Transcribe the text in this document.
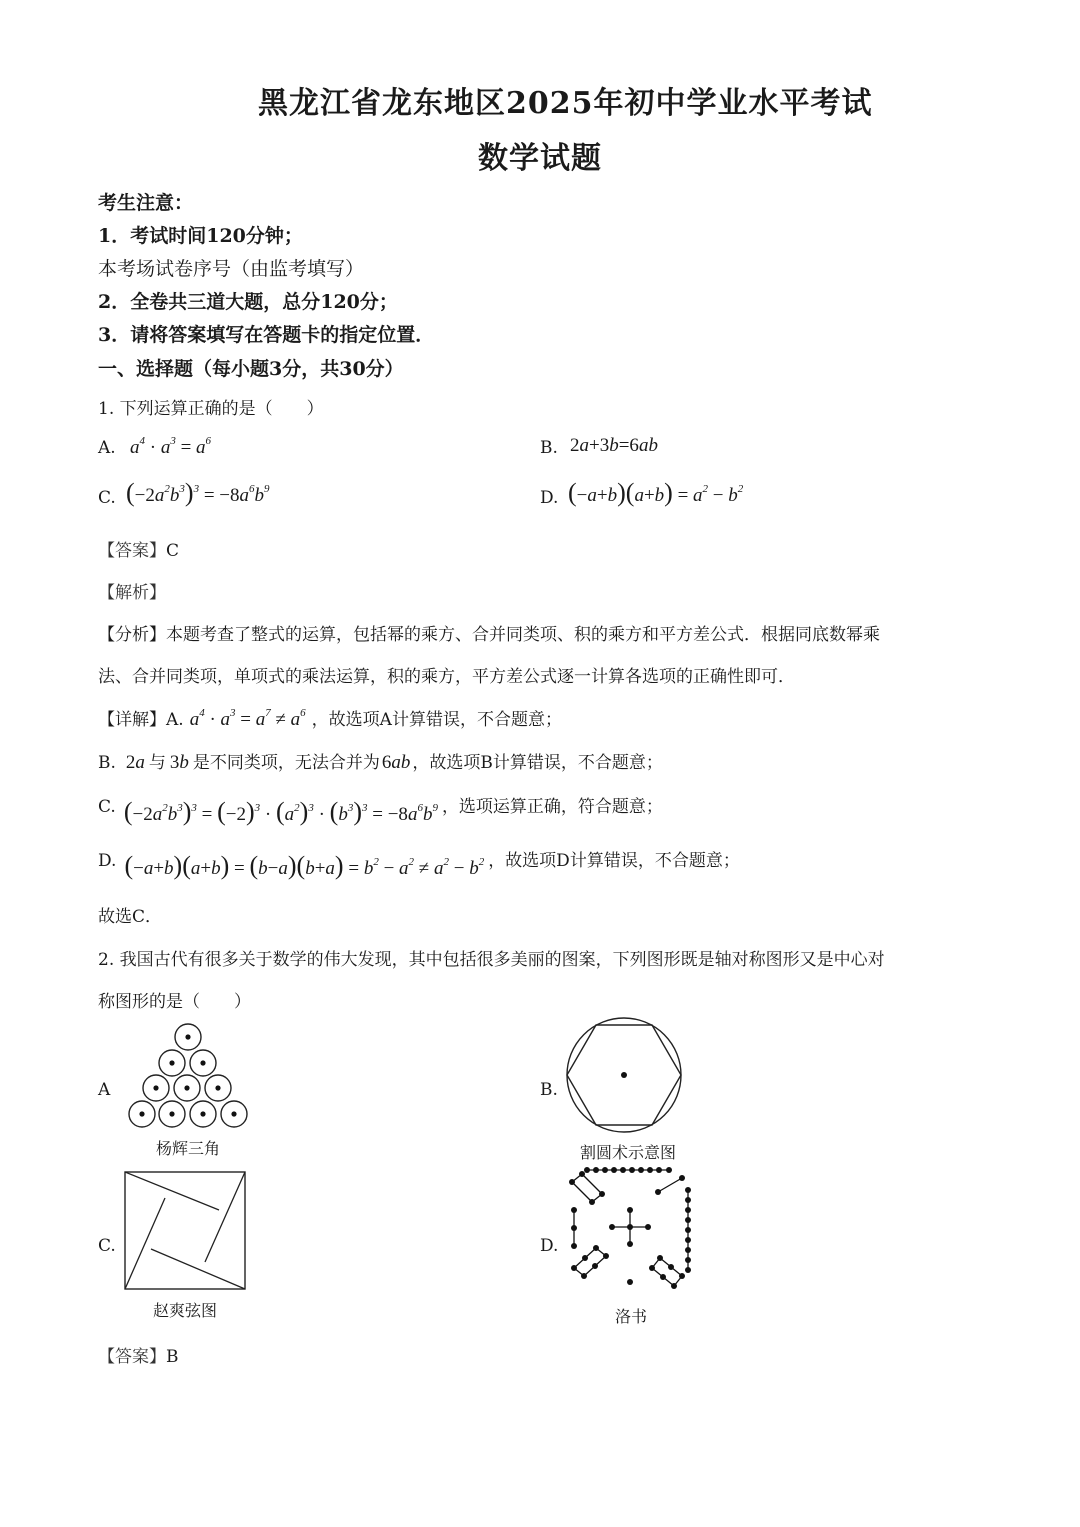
黑龙江省龙东地区2025年初中学业水平考试
数学试题
考生注意：
1．考试时间120分钟；
本考场试卷序号（由监考填写）
2．全卷共三道大题，总分120分；
3．请将答案填写在答题卡的指定位置．
一、选择题（每小题3分，共30分）
1. 下列运算正确的是（　　）
A. $a^4 \cdot a^3 = a^6$	B. 2a+3b=6ab
C. $(-2a^2b^3)^3 = -8a^6b^9$	D. $(-a+b)(a+b) = a^2 - b^2$
【答案】C
【解析】
【分析】本题考查了整式的运算，包括幂的乘方、合并同类项、积的乘方和平方差公式．根据同底数幂乘
法、合并同类项，单项式的乘法运算，积的乘方，平方差公式逐一计算各选项的正确性即可．
【详解】A. $a^4 \cdot a^3 = a^7 \ne a^6$ ，故选项A计算错误，不合题意；
B. 2a 与 3b 是不同类项，无法合并为 6ab ，故选项B计算错误，不合题意；
C. $(-2a^2b^3)^3 = (-2)^3 \cdot (a^2)^3 \cdot (b^3)^3 = -8a^6b^9$ ，选项运算正确，符合题意；
D. $(-a+b)(a+b) = (b-a)(b+a) = b^2 - a^2 \ne a^2 - b^2$ ，故选项D计算错误，不合题意；
故选C．
2. 我国古代有很多关于数学的伟大发现，其中包括很多美丽的图案，下列图形既是轴对称图形又是中心对
称图形的是（　　）
A
杨辉三角
B.
割圆术示意图
C.
赵爽弦图
D.
洛书
【答案】B
